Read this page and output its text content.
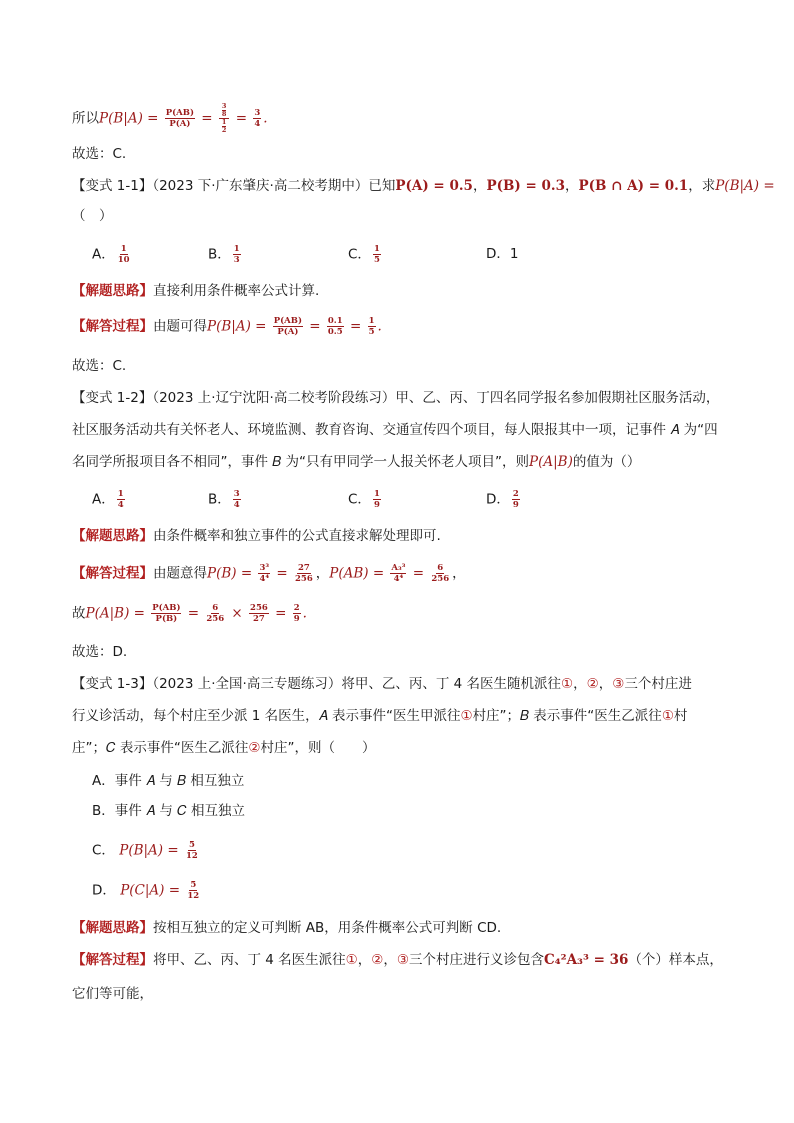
所以$P(B|A) = \frac{P(AB)}{P(A)} = \frac{\frac{3}{8}}{\frac{1}{2}} = \frac{3}{4}$ .
故选：C.
【变式 1-1】（2023 下·广东肇庆·高二校考期中）已知P(A) = 0.5，P(B) = 0.3，P(B ∩ A) = 0.1，求P(B|A) =
（　）
A． $\frac{1}{10}$	B． $\frac{1}{3}$	C． $\frac{1}{5}$	D．1
【解题思路】直接利用条件概率公式计算.
【解答过程】由题可得$P(B|A) = \frac{P(AB)}{P(A)} = \frac{0.1}{0.5} = \frac{1}{5}$ .
故选：C.
【变式 1-2】（2023 上·辽宁沈阳·高二校考阶段练习）甲、乙、丙、丁四名同学报名参加假期社区服务活动，
社区服务活动共有关怀老人、环境监测、教育咨询、交通宣传四个项目，每人限报其中一项，记事件 𝐴 为“四
名同学所报项目各不相同”，事件 𝐵 为“只有甲同学一人报关怀老人项目”，则P(A|B)的值为（）
A． $\frac{1}{4}$	B． $\frac{3}{4}$	C． $\frac{1}{9}$	D． $\frac{2}{9}$
【解题思路】由条件概率和独立事件的公式直接求解处理即可.
【解答过程】由题意得$P(B) = \frac{\text{3³}}{\text{4⁴}} = \frac{27}{256}$ ，$P(AB) = \frac{\text{A₃³}}{\text{4⁴}} = \frac{6}{256}$ ，
故$P(A|B) = \frac{P(AB)}{P(B)} = \frac{6}{256} \times \frac{256}{27} = \frac{2}{9}$ .
故选：D.
【变式 1-3】（2023 上·全国·高三专题练习）将甲、乙、丙、丁 4 名医生随机派往①，②，③三个村庄进
行义诊活动，每个村庄至少派 1 名医生，𝐴 表示事件“医生甲派往①村庄”；𝐵 表示事件“医生乙派往①村
庄”；𝐶 表示事件“医生乙派往②村庄”，则（　　）
A．事件 𝐴 与 𝐵 相互独立
B．事件 𝐴 与 𝐶 相互独立
C． $P(B|A) = \frac{5}{12}$
D． $P(C|A) = \frac{5}{12}$
【解题思路】按相互独立的定义可判断 AB，用条件概率公式可判断 CD.
【解答过程】将甲、乙、丙、丁 4 名医生派往①，②，③三个村庄进行义诊包含C₄²A₃³ = 36（个）样本点，
它们等可能，
